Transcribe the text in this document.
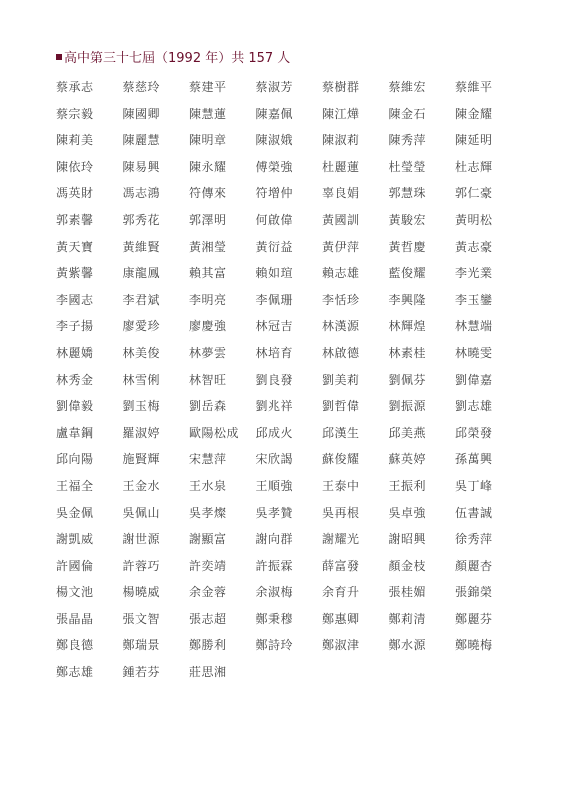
高中第三十七屆（1992 年）共 157 人
蔡承志	蔡慈玲	蔡建平	蔡淑芳	蔡樹群	蔡維宏	蔡維平
蔡宗毅	陳國卿	陳慧蓮	陳嘉佩	陳江燁	陳金石	陳金耀
陳莉美	陳麗慧	陳明章	陳淑娥	陳淑莉	陳秀萍	陳延明
陳依玲	陳易興	陳永耀	傅榮強	杜麗蓮	杜瑩瑩	杜志輝
馮英財	馮志鴻	符傳來	符增仲	辜良娟	郭慧珠	郭仁豪
郭素馨	郭秀花	郭澤明	何啟偉	黃國訓	黃駿宏	黃明松
黃天寶	黃維賢	黃湘瑩	黃衍益	黃伊萍	黃哲慶	黃志豪
黃紫馨	康龍鳳	賴其富	賴如瑄	賴志雄	藍俊耀	李光業
李國志	李君斌	李明亮	李佩珊	李恬珍	李興隆	李玉鑾
李子揚	廖愛珍	廖慶強	林冠吉	林漢源	林輝煌	林慧端
林麗嬌	林美俊	林夢雲	林培育	林啟德	林素桂	林曉雯
林秀金	林雪俐	林智旺	劉良發	劉美莉	劉佩芬	劉偉嘉
劉偉毅	劉玉梅	劉岳森	劉兆祥	劉哲偉	劉振源	劉志雄
盧韋鋼	羅淑婷	歐陽松成	邱成火	邱漢生	邱美燕	邱榮發
邱向陽	施賢輝	宋慧萍	宋欣謁	蘇俊耀	蘇英婷	孫萬興
王福全	王金水	王水泉	王順強	王泰中	王振利	吳丁峰
吳金佩	吳佩山	吳孝燦	吳孝贊	吳再根	吳卓強	伍書誠
謝凱威	謝世源	謝顯富	謝向群	謝耀光	謝昭興	徐秀萍
許國倫	許蓉巧	許奕靖	許振霖	薛富發	顏金枝	顏麗杏
楊文池	楊曉威	余金蓉	余淑梅	余育升	張桂媚	張錦榮
張晶晶	張文智	張志超	鄭秉穆	鄭惠卿	鄭莉清	鄭麗芬
鄭良德	鄭瑞景	鄭勝利	鄭詩玲	鄭淑津	鄭水源	鄭曉梅
鄭志雄	鍾若芬	莊思湘
